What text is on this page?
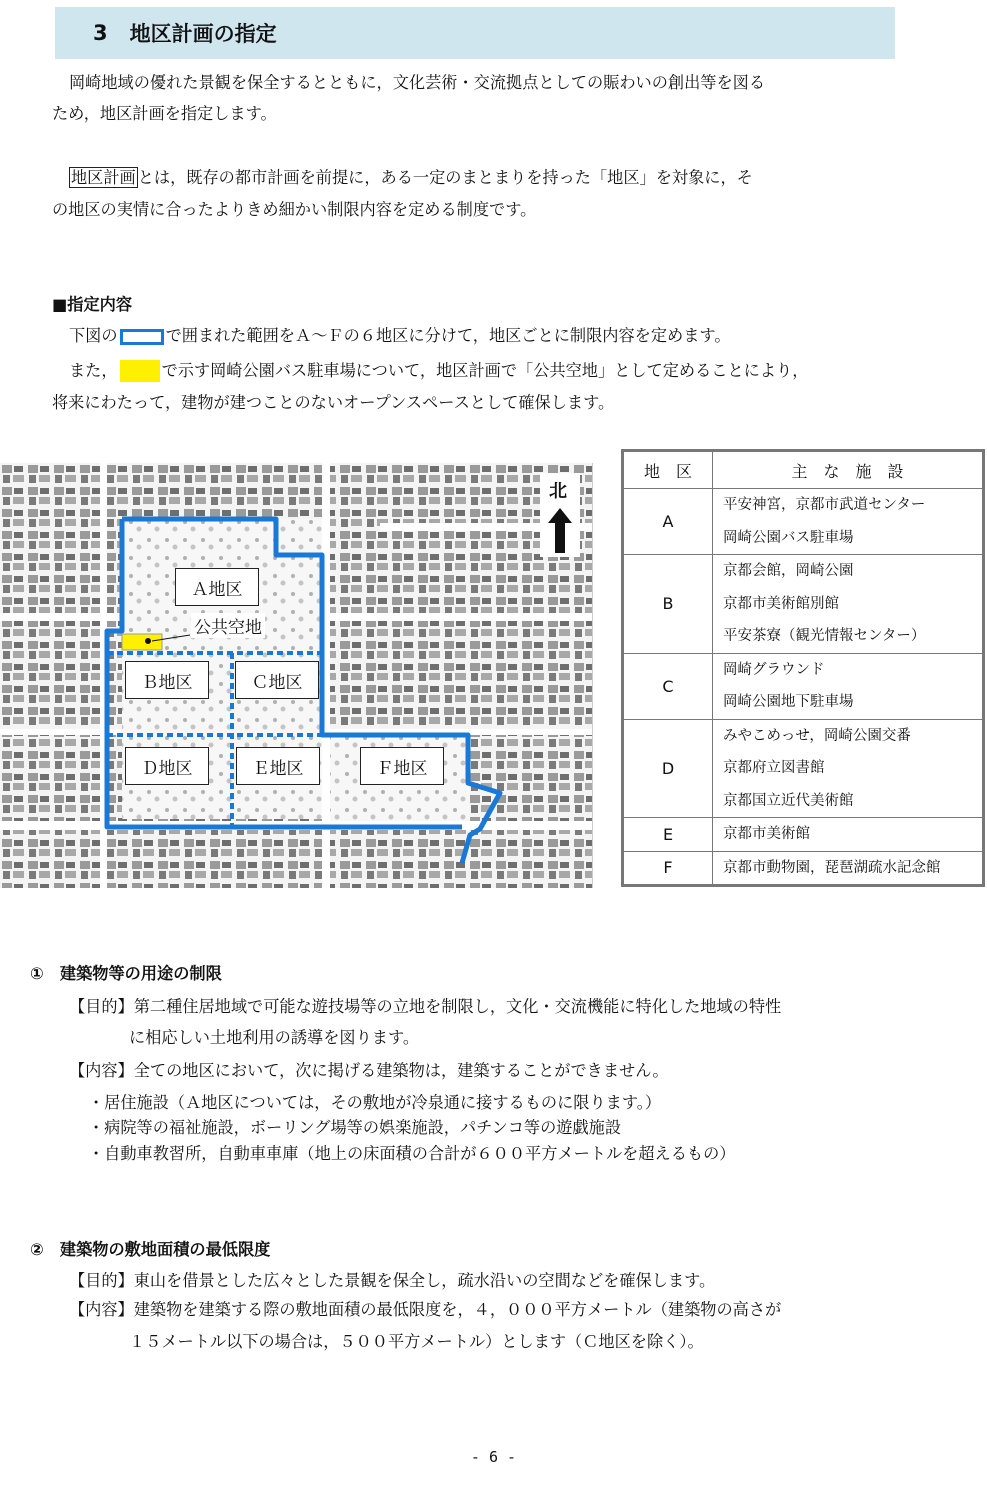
3 地区計画の指定
岡崎地域の優れた景観を保全するとともに，文化芸術・交流拠点としての賑わいの創出等を図る
ため，地区計画を指定します。
地区計画 とは，既存の都市計画を前提に，ある一定のまとまりを持った「地区」を対象に，そ
の地区の実情に合ったよりきめ細かい制限内容を定める制度です。
■指定内容
下図の	で囲まれた範囲をＡ～Ｆの６地区に分けて，地区ごとに制限内容を定めます。
また，	で示す岡崎公園バス駐車場について，地区計画で「公共空地」として定めることにより，
将来にわたって，建物が建つことのないオープンスペースとして確保します。
北
公共空地
Ａ地区
Ｂ地区	Ｃ地区
Ｄ地区	Ｅ地区	Ｆ地区
地　区	主　な　施　設
A	平安神宮，京都市武道センター
岡崎公園バス駐車場

B	京都会館，岡崎公園
京都市美術館別館
平安茶寮（観光情報センター）

C	岡崎グラウンド
岡崎公園地下駐車場

D	みやこめっせ，岡崎公園交番
京都府立図書館
京都国立近代美術館

E	京都市美術館

F	京都市動物園，琵琶湖疏水記念館
①　建築物等の用途の制限
【目的】第二種住居地域で可能な遊技場等の立地を制限し，文化・交流機能に特化した地域の特性
に相応しい土地利用の誘導を図ります。
【内容】全ての地区において，次に掲げる建築物は，建築することができません。
・居住施設（Ａ地区については，その敷地が冷泉通に接するものに限ります。）
・病院等の福祉施設，ボーリング場等の娯楽施設，パチンコ等の遊戯施設
・自動車教習所，自動車車庫（地上の床面積の合計が６００平方メートルを超えるもの）
②　建築物の敷地面積の最低限度
【目的】東山を借景とした広々とした景観を保全し，疏水沿いの空間などを確保します。
【内容】建築物を建築する際の敷地面積の最低限度を，４，０００平方メートル（建築物の高さが
１５メートル以下の場合は，５００平方メートル）とします（Ｃ地区を除く）。
- 6 -
